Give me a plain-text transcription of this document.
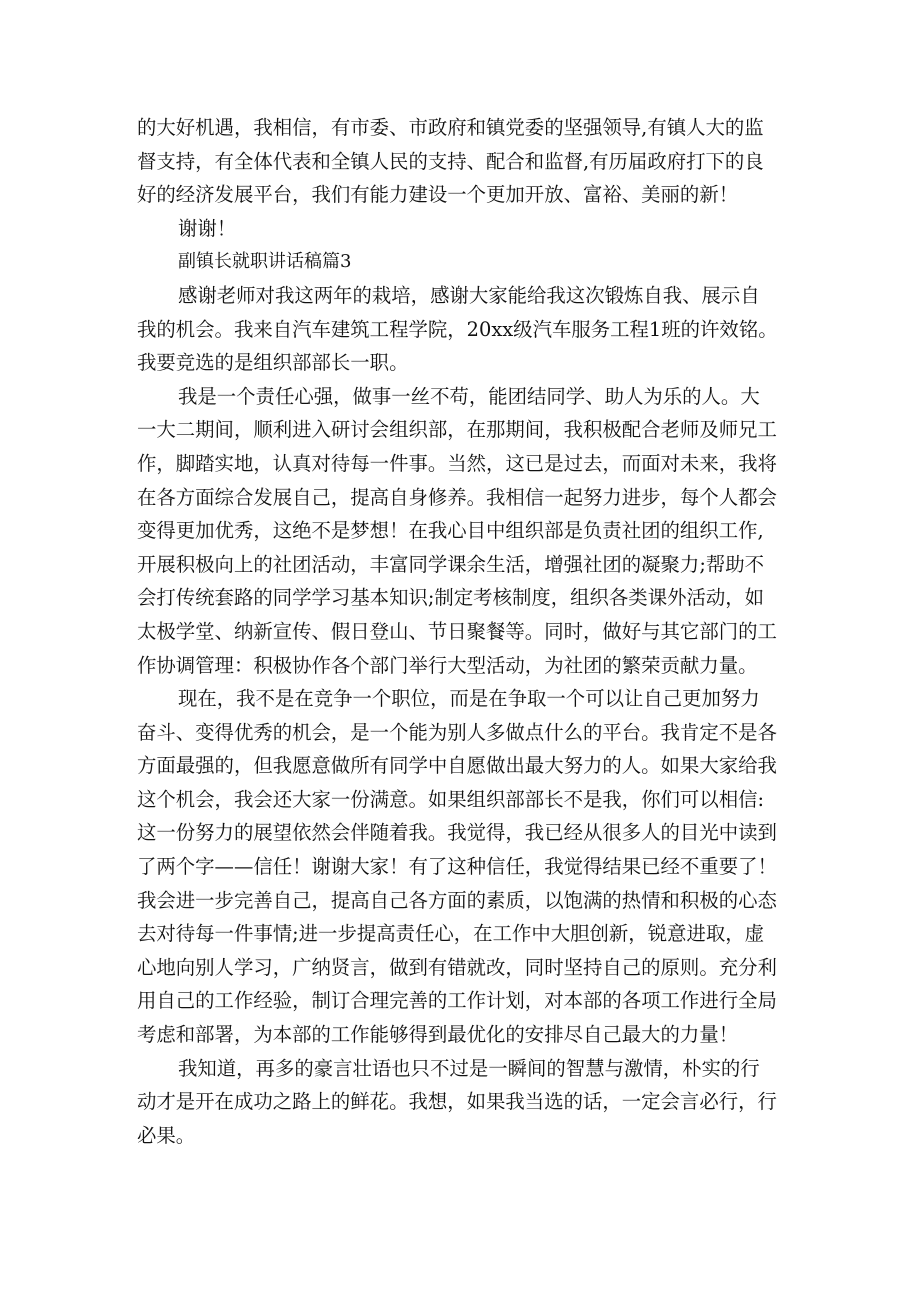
的大好机遇，我相信，有市委、市政府和镇党委的坚强领导,有镇人大的监
督支持，有全体代表和全镇人民的支持、配合和监督,有历届政府打下的良
好的经济发展平台，我们有能力建设一个更加开放、富裕、美丽的新！
谢谢！
副镇长就职讲话稿篇3
感谢老师对我这两年的栽培，感谢大家能给我这次锻炼自我、展示自
我的机会。我来自汽车建筑工程学院，20xx级汽车服务工程1班的许效铭。
我要竞选的是组织部部长一职。
我是一个责任心强，做事一丝不苟，能团结同学、助人为乐的人。大
一大二期间，顺利进入研讨会组织部，在那期间，我积极配合老师及师兄工
作，脚踏实地，认真对待每一件事。当然，这已是过去，而面对未来，我将
在各方面综合发展自己，提高自身修养。我相信一起努力进步，每个人都会
变得更加优秀，这绝不是梦想！在我心目中组织部是负责社团的组织工作,
开展积极向上的社团活动，丰富同学课余生活，增强社团的凝聚力;帮助不
会打传统套路的同学学习基本知识;制定考核制度，组织各类课外活动，如
太极学堂、纳新宣传、假日登山、节日聚餐等。同时，做好与其它部门的工
作协调管理：积极协作各个部门举行大型活动，为社团的繁荣贡献力量。
现在，我不是在竞争一个职位，而是在争取一个可以让自己更加努力
奋斗、变得优秀的机会，是一个能为别人多做点什么的平台。我肯定不是各
方面最强的，但我愿意做所有同学中自愿做出最大努力的人。如果大家给我
这个机会，我会还大家一份满意。如果组织部部长不是我，你们可以相信:
这一份努力的展望依然会伴随着我。我觉得，我已经从很多人的目光中读到
了两个字——信任！谢谢大家！有了这种信任，我觉得结果已经不重要了！
我会进一步完善自己，提高自己各方面的素质，以饱满的热情和积极的心态
去对待每一件事情;进一步提高责任心，在工作中大胆创新，锐意进取，虚
心地向别人学习，广纳贤言，做到有错就改，同时坚持自己的原则。充分利
用自己的工作经验，制订合理完善的工作计划，对本部的各项工作进行全局
考虑和部署，为本部的工作能够得到最优化的安排尽自己最大的力量！
我知道，再多的豪言壮语也只不过是一瞬间的智慧与激情，朴实的行
动才是开在成功之路上的鲜花。我想，如果我当选的话，一定会言必行，行
必果。
